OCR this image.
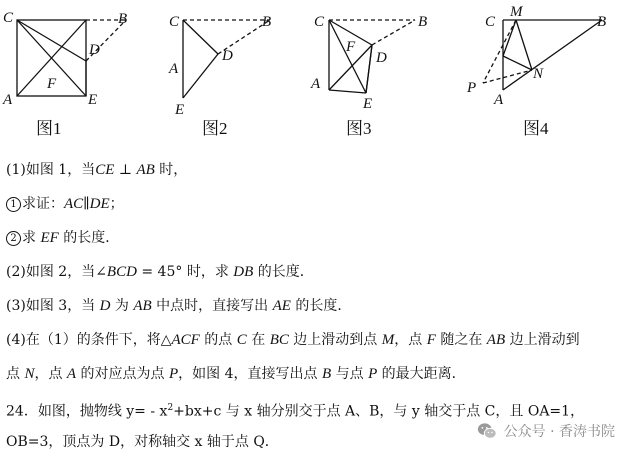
C	B
D
F
A	E
图1
C	B
D
A
E
图2
C	B
F
D
A
E
图3
C
M
B
N
P
A
图4
(1)如图 1，当CE ⊥ AB 时，
1 求证：AC∥DE；
2 求 EF 的长度．
(2)如图 2，当∠BCD = 45° 时，求 DB 的长度．
(3)如图 3，当 D 为 AB 中点时，直接写出 AE 的长度．
(4)在（1）的条件下，将△ACF 的点 C 在 BC 边上滑动到点 M，点 F 随之在 AB 边上滑动到
点 N，点 A 的对应点为点 P，如图 4，直接写出点 B 与点 P 的最大距离．
24．如图，抛物线 $y= - x^2+bx+c$ 与 x 轴分别交于点 A、B，与 y 轴交于点 C，且 OA=1，
OB=3，顶点为 D，对称轴交 x 轴于点 Q．
公众号 · 香涛书院
